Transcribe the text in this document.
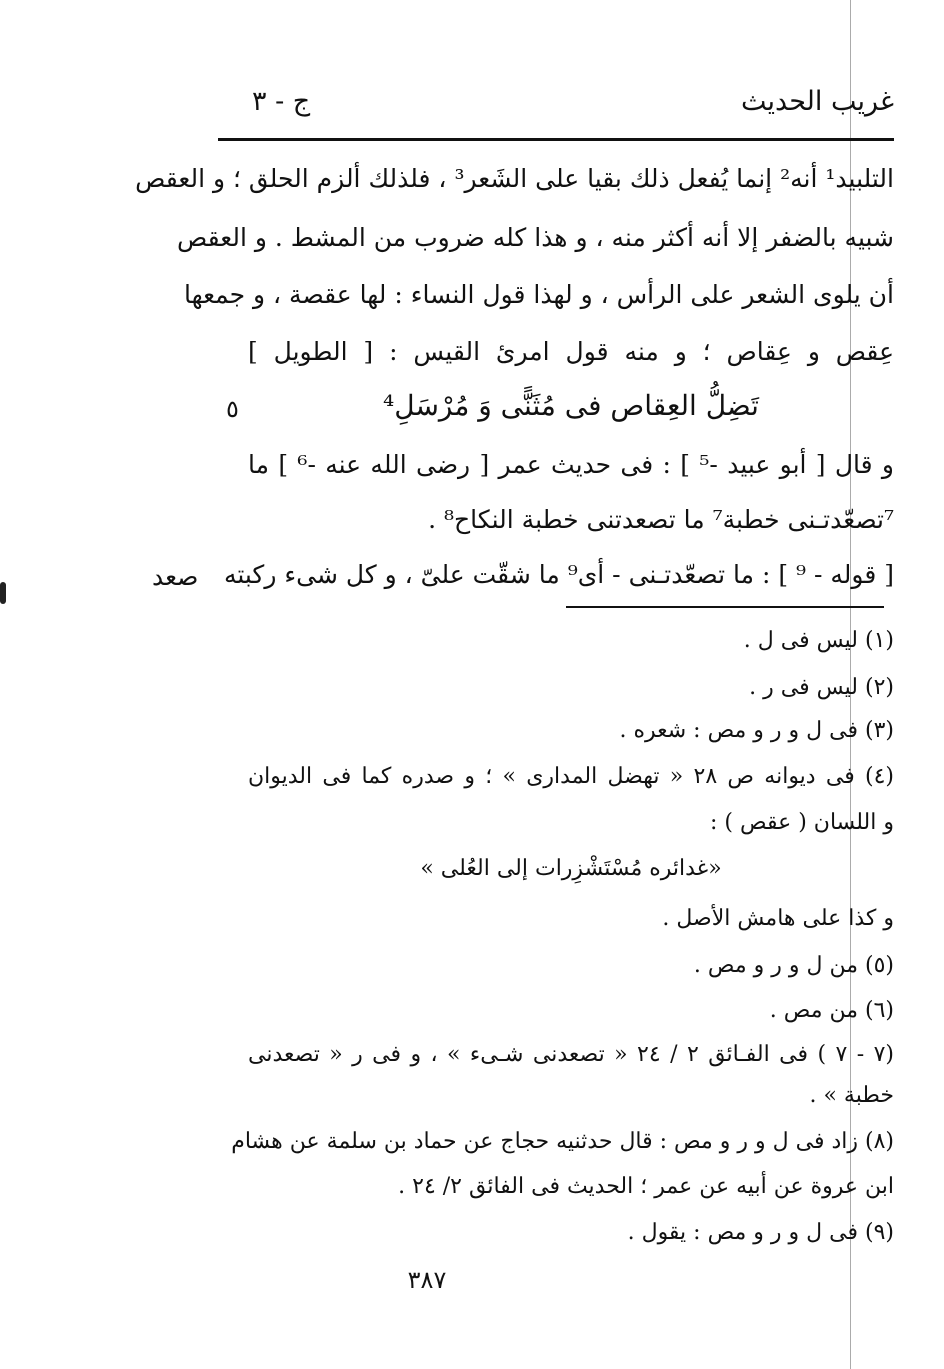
غريب الحديث
ج - ٣
التلبيد¹ أنه² إنما يُفعل ذلك بقيا على الشَعر³ ، فلذلك ألزم الحلق ؛ و العقص
شبيه بالضفر إلا أنه أكثر منه ، و هذا كله ضروب من المشط . و العقص
أن يلوى الشعر على الرأس ، و لهذا قول النساء : لها عقصة ، و جمعها
عِقص و عِقاص ؛ و منه قول امرئ القيس : [ الطويل ]
تَضِلُّ العِقاص فى مُثَنًّى وَ مُرْسَلِ⁴
٥
و قال [ أبو عبيد -⁵ ] : فى حديث عمر [ رضى الله عنه -⁶ ] ما
⁷تصعّدتـنى خطبة⁷ ما تصعدتنى خطبة النكاح⁸ .
[ قوله - ⁹ ] : ما تصعّدتـنى - أى⁹ ما شقّت علىّ ، و كل شىء ركبته
صعد
(١) ليس فى ل .
(٢) ليس فى ر .
(٣) فى ل و ر و مص : شعره .
(٤) فى ديوانه ص ٢٨ « تهضل المدارى » ؛ و صدره كما فى الديوان
و اللسان ( عقص ) :
«غدائره مُسْتَشْزِرات إلى العُلى »
و كذا على هامش الأصل .
(٥) من ل و ر و مص .
(٦) من مص .
(٧ - ٧ ) فى الفـائق ٢ / ٢٤ « تصعدنى شـىء » ، و فى ر « تصعدنى
خطبة » .
(٨) زاد فى ل و ر و مص : قال حدثنيه حجاج عن حماد بن سلمة عن هشام
ابن عروة عن أبيه عن عمر ؛ الحديث فى الفائق ٢/ ٢٤ .
(٩) فى ل و ر و مص : يقول .
٣٨٧
